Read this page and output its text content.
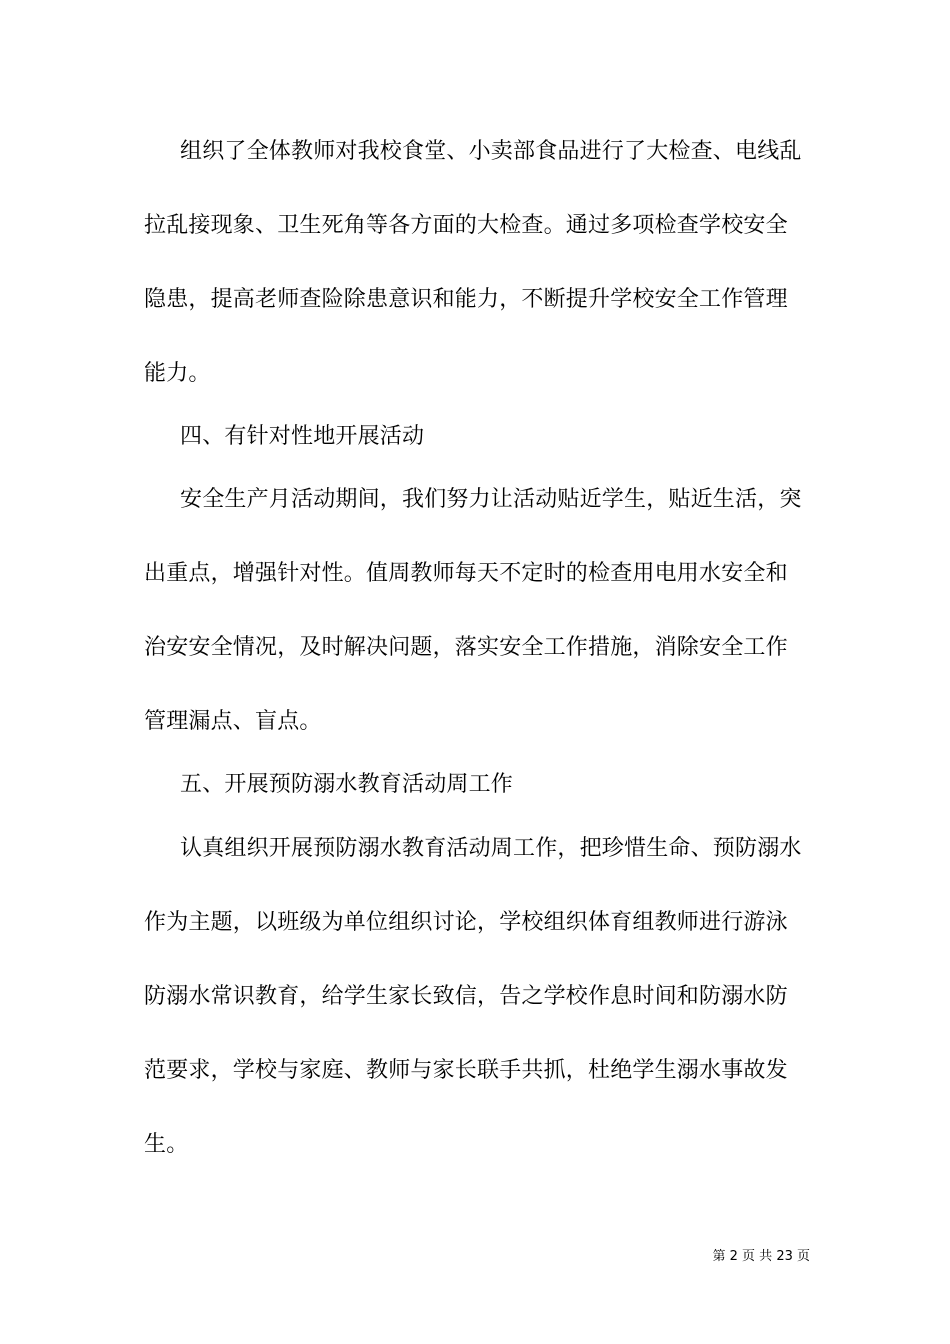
组织了全体教师对我校食堂、小卖部食品进行了大检查、电线乱
拉乱接现象、卫生死角等各方面的大检查。通过多项检查学校安全
隐患，提高老师查险除患意识和能力，不断提升学校安全工作管理
能力。
四、有针对性地开展活动
安全生产月活动期间，我们努力让活动贴近学生，贴近生活，突
出重点，增强针对性。值周教师每天不定时的检查用电用水安全和
治安安全情况，及时解决问题，落实安全工作措施，消除安全工作
管理漏点、盲点。
五、开展预防溺水教育活动周工作
认真组织开展预防溺水教育活动周工作，把珍惜生命、预防溺水
作为主题，以班级为单位组织讨论，学校组织体育组教师进行游泳
防溺水常识教育，给学生家长致信，告之学校作息时间和防溺水防
范要求，学校与家庭、教师与家长联手共抓，杜绝学生溺水事故发
生。
第 2 页 共 23 页
